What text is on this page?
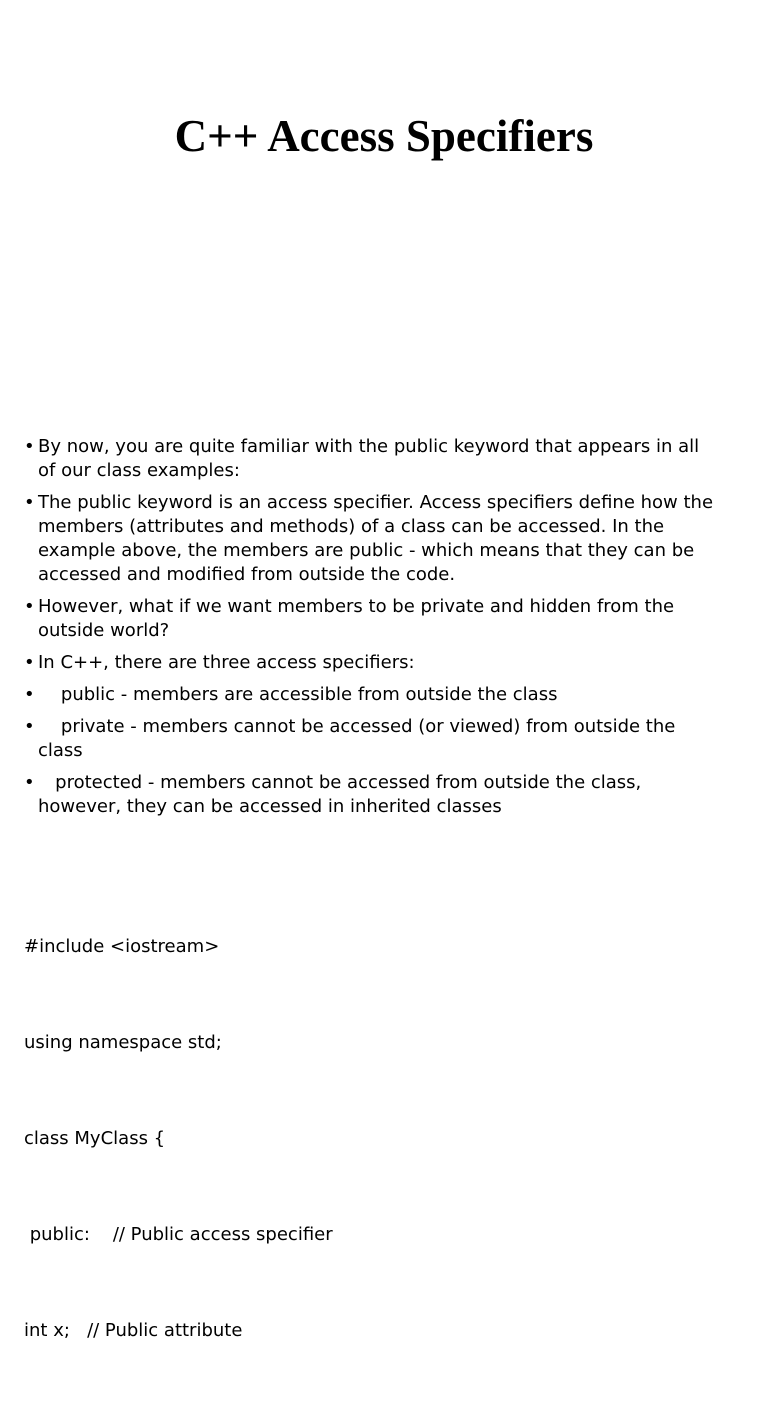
C++ Access Specifiers
• By now, you are quite familiar with the public keyword that appears in all of our class examples:
• The public keyword is an access specifier. Access specifiers define how the members (attributes and methods) of a class can be accessed. In the example above, the members are public - which means that they can be accessed and modified from outside the code.
• However, what if we want members to be private and hidden from the outside world?
• In C++, there are three access specifiers:
• public - members are accessible from outside the class
• private - members cannot be accessed (or viewed) from outside the class
• protected - members cannot be accessed from outside the class, however, they can be accessed in inherited classes

#include <iostream>

using namespace std;

class MyClass {

public:    // Public access specifier

int x;   // Public attribute
